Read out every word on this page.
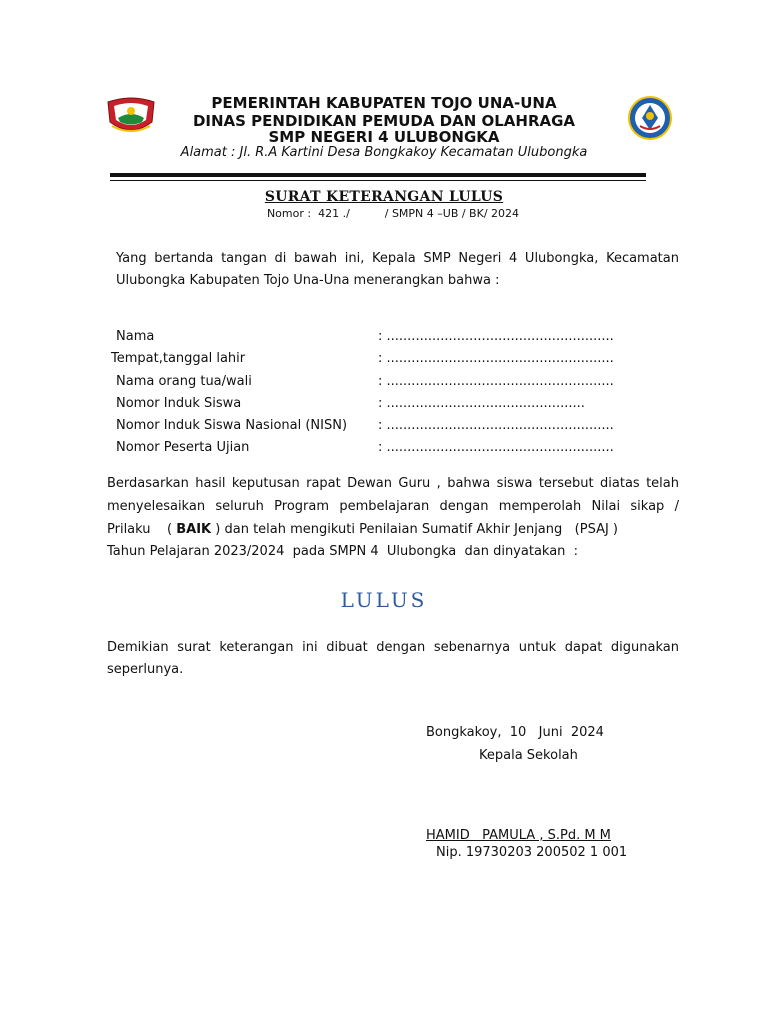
PEMERINTAH KABUPATEN TOJO UNA-UNA
DINAS PENDIDIKAN PEMUDA DAN OLAHRAGA
SMP NEGERI 4 ULUBONGKA
Alamat : Jl. R.A Kartini Desa Bongkakoy Kecamatan Ulubongka
SURAT KETERANGAN LULUS
Nomor :  421 ./          / SMPN 4 –UB / BK/ 2024
Yang bertanda tangan di bawah ini, Kepala SMP Negeri 4 Ulubongka, Kecamatan
Ulubongka Kabupaten Tojo Una-Una menerangkan bahwa :
Nama	: .......................................................
Tempat,tanggal lahir	: .......................................................
Nama orang tua/wali	: .......................................................
Nomor Induk Siswa	: ................................................
Nomor Induk Siswa Nasional (NISN) : .......................................................
Nomor Peserta Ujian	: .......................................................
Berdasarkan hasil keputusan rapat Dewan Guru , bahwa siswa tersebut diatas telah
menyelesaikan seluruh Program pembelajaran dengan memperolah Nilai sikap /
Prilaku    ( BAIK ) dan telah mengikuti Penilaian Sumatif Akhir Jenjang   (PSAJ )
Tahun Pelajaran 2023/2024  pada SMPN 4  Ulubongka  dan dinyatakan  :
LULUS
Demikian surat keterangan ini dibuat dengan sebenarnya untuk dapat digunakan
seperlunya.
Bongkakoy,  10   Juni  2024
Kepala Sekolah
HAMID   PAMULA , S.Pd. M M
Nip. 19730203 200502 1 001
